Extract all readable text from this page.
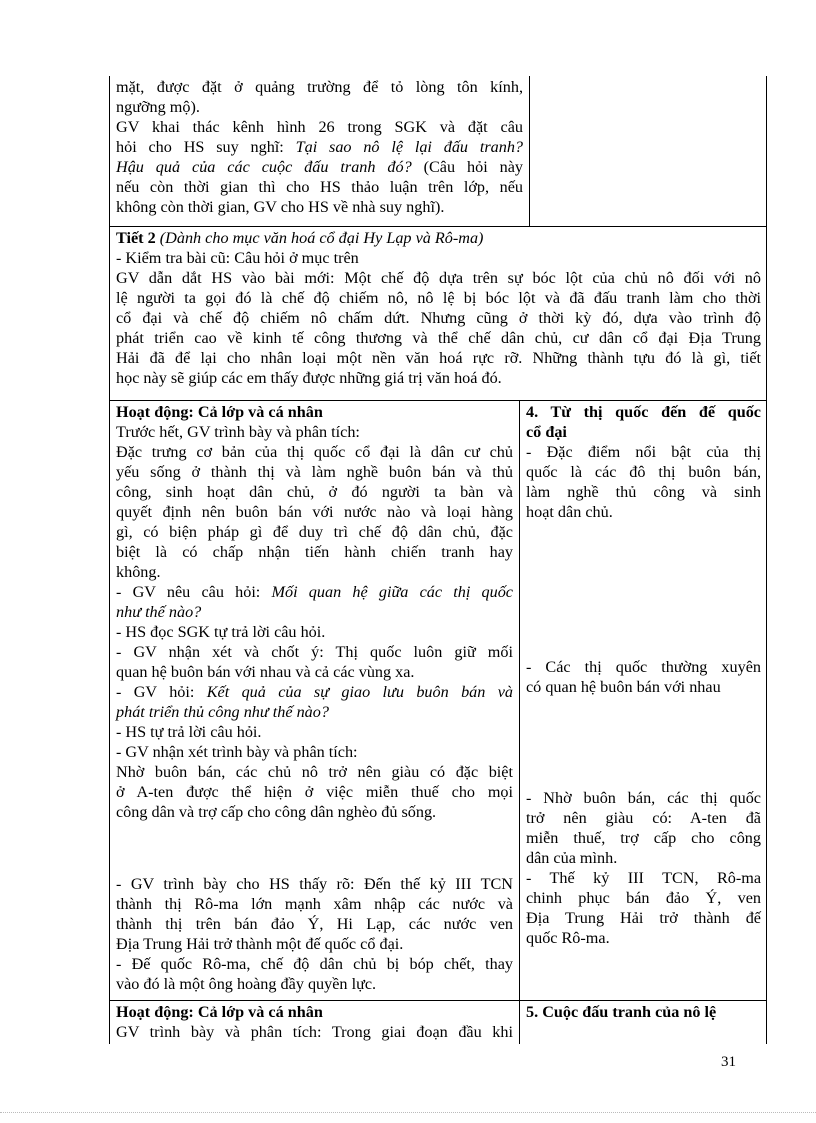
mặt, được đặt ở quảng trường để tỏ lòng tôn kính,
ngưỡng mộ).
GV khai thác kênh hình 26 trong SGK và đặt câu
hỏi cho HS suy nghĩ: Tại sao nô lệ lại đấu tranh?
Hậu quả của các cuộc đấu tranh đó? (Câu hỏi này
nếu còn thời gian thì cho HS thảo luận trên lớp, nếu
không còn thời gian, GV cho HS về nhà suy nghĩ).
Tiết 2 (Dành cho mục văn hoá cổ đại Hy Lạp và Rô-ma)
- Kiểm tra bài cũ: Câu hỏi ở mục trên
GV dẫn dắt HS vào bài mới: Một chế độ dựa trên sự bóc lột của chủ nô đối với nô
lệ người ta gọi đó là chế độ chiếm nô, nô lệ bị bóc lột và đã đấu tranh làm cho thời
cổ đại và chế độ chiếm nô chấm dứt. Nhưng cũng ở thời kỳ đó, dựa vào trình độ
phát triển cao về kinh tế công thương và thể chế dân chủ, cư dân cổ đại Địa Trung
Hải đã để lại cho nhân loại một nền văn hoá rực rỡ. Những thành tựu đó là gì, tiết
học này sẽ giúp các em thấy được những giá trị văn hoá đó.
Hoạt động: Cả lớp và cá nhân
Trước hết, GV trình bày và phân tích:
Đặc trưng cơ bản của thị quốc cổ đại là dân cư chủ
yếu sống ở thành thị và làm nghề buôn bán và thủ
công, sinh hoạt dân chủ, ở đó người ta bàn và
quyết định nên buôn bán với nước nào và loại hàng
gì, có biện pháp gì để duy trì chế độ dân chủ, đặc
biệt là có chấp nhận tiến hành chiến tranh hay
không.
- GV nêu câu hỏi: Mối quan hệ giữa các thị quốc
như thế nào?
- HS đọc SGK tự trả lời câu hỏi.
- GV nhận xét và chốt ý: Thị quốc luôn giữ mối
quan hệ buôn bán với nhau và cả các vùng xa.
- GV hỏi: Kết quả của sự giao lưu buôn bán và
phát triển thủ công như thế nào?
- HS tự trả lời câu hỏi.
- GV nhận xét trình bày và phân tích:
Nhờ buôn bán, các chủ nô trở nên giàu có đặc biệt
ở A-ten được thể hiện ở việc miễn thuế cho mọi
công dân và trợ cấp cho công dân nghèo đủ sống.
- GV trình bày cho HS thấy rõ: Đến thế kỷ III TCN
thành thị Rô-ma lớn mạnh xâm nhập các nước và
thành thị trên bán đảo Ý, Hi Lạp, các nước ven
Địa Trung Hải trở thành một đế quốc cổ đại.
- Đế quốc Rô-ma, chế độ dân chủ bị bóp chết, thay
vào đó là một ông hoàng đầy quyền lực.
4. Từ thị quốc đến đế quốc
cổ đại
- Đặc điểm nổi bật của thị
quốc là các đô thị buôn bán,
làm nghề thủ công và sinh
hoạt dân chủ.
- Các thị quốc thường xuyên
có quan hệ buôn bán với nhau
- Nhờ buôn bán, các thị quốc
trở nên giàu có: A-ten đã
miễn thuế, trợ cấp cho công
dân của mình.
- Thế kỷ III TCN, Rô-ma
chinh phục bán đảo Ý, ven
Địa Trung Hải trở thành đế
quốc Rô-ma.
Hoạt động: Cả lớp và cá nhân
GV trình bày và phân tích: Trong giai đoạn đầu khi
5. Cuộc đấu tranh của nô lệ
31
